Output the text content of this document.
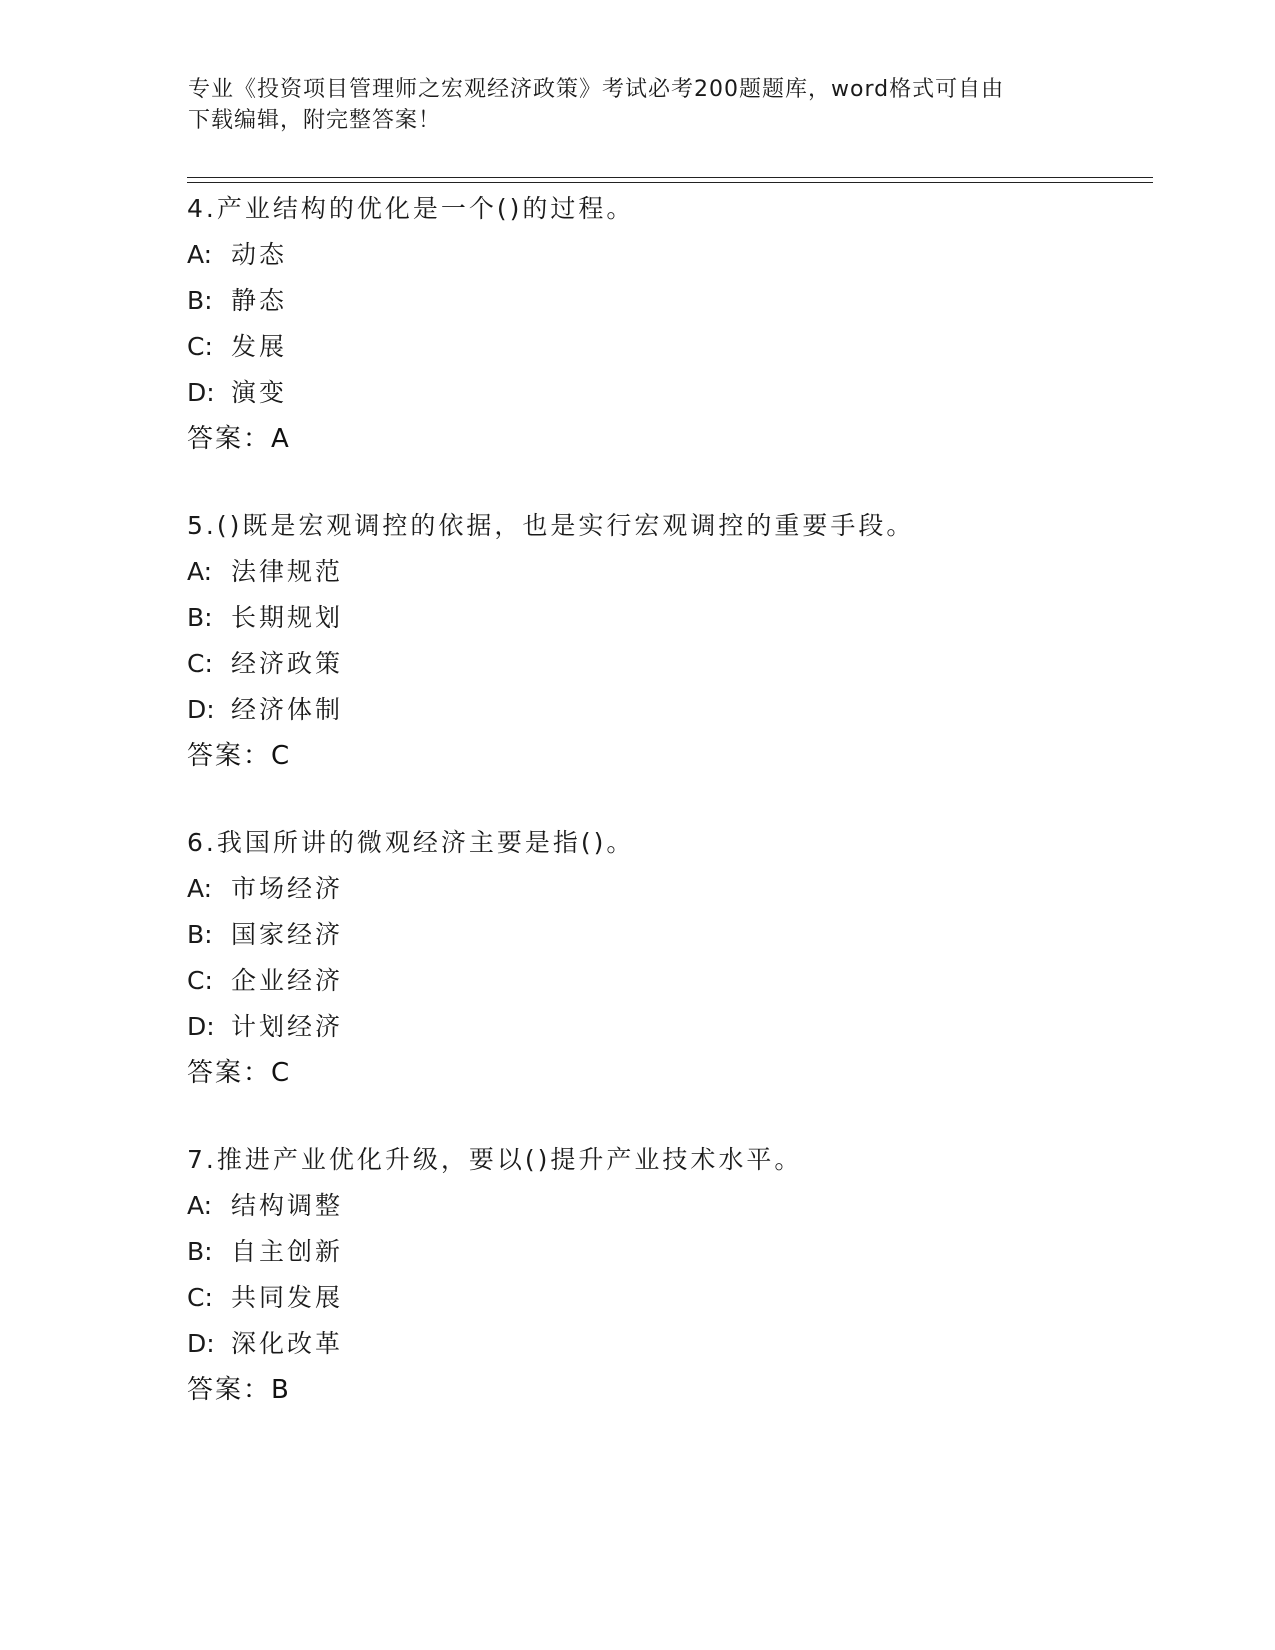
专业《投资项目管理师之宏观经济政策》考试必考200题题库，word格式可自由
下载编辑，附完整答案！
4.产业结构的优化是一个()的过程。
A: 动态
B: 静态
C: 发展
D: 演变
答案：A
5.()既是宏观调控的依据，也是实行宏观调控的重要手段。
A: 法律规范
B: 长期规划
C: 经济政策
D: 经济体制
答案：C
6.我国所讲的微观经济主要是指()。
A: 市场经济
B: 国家经济
C: 企业经济
D: 计划经济
答案：C
7.推进产业优化升级，要以()提升产业技术水平。
A: 结构调整
B: 自主创新
C: 共同发展
D: 深化改革
答案：B
